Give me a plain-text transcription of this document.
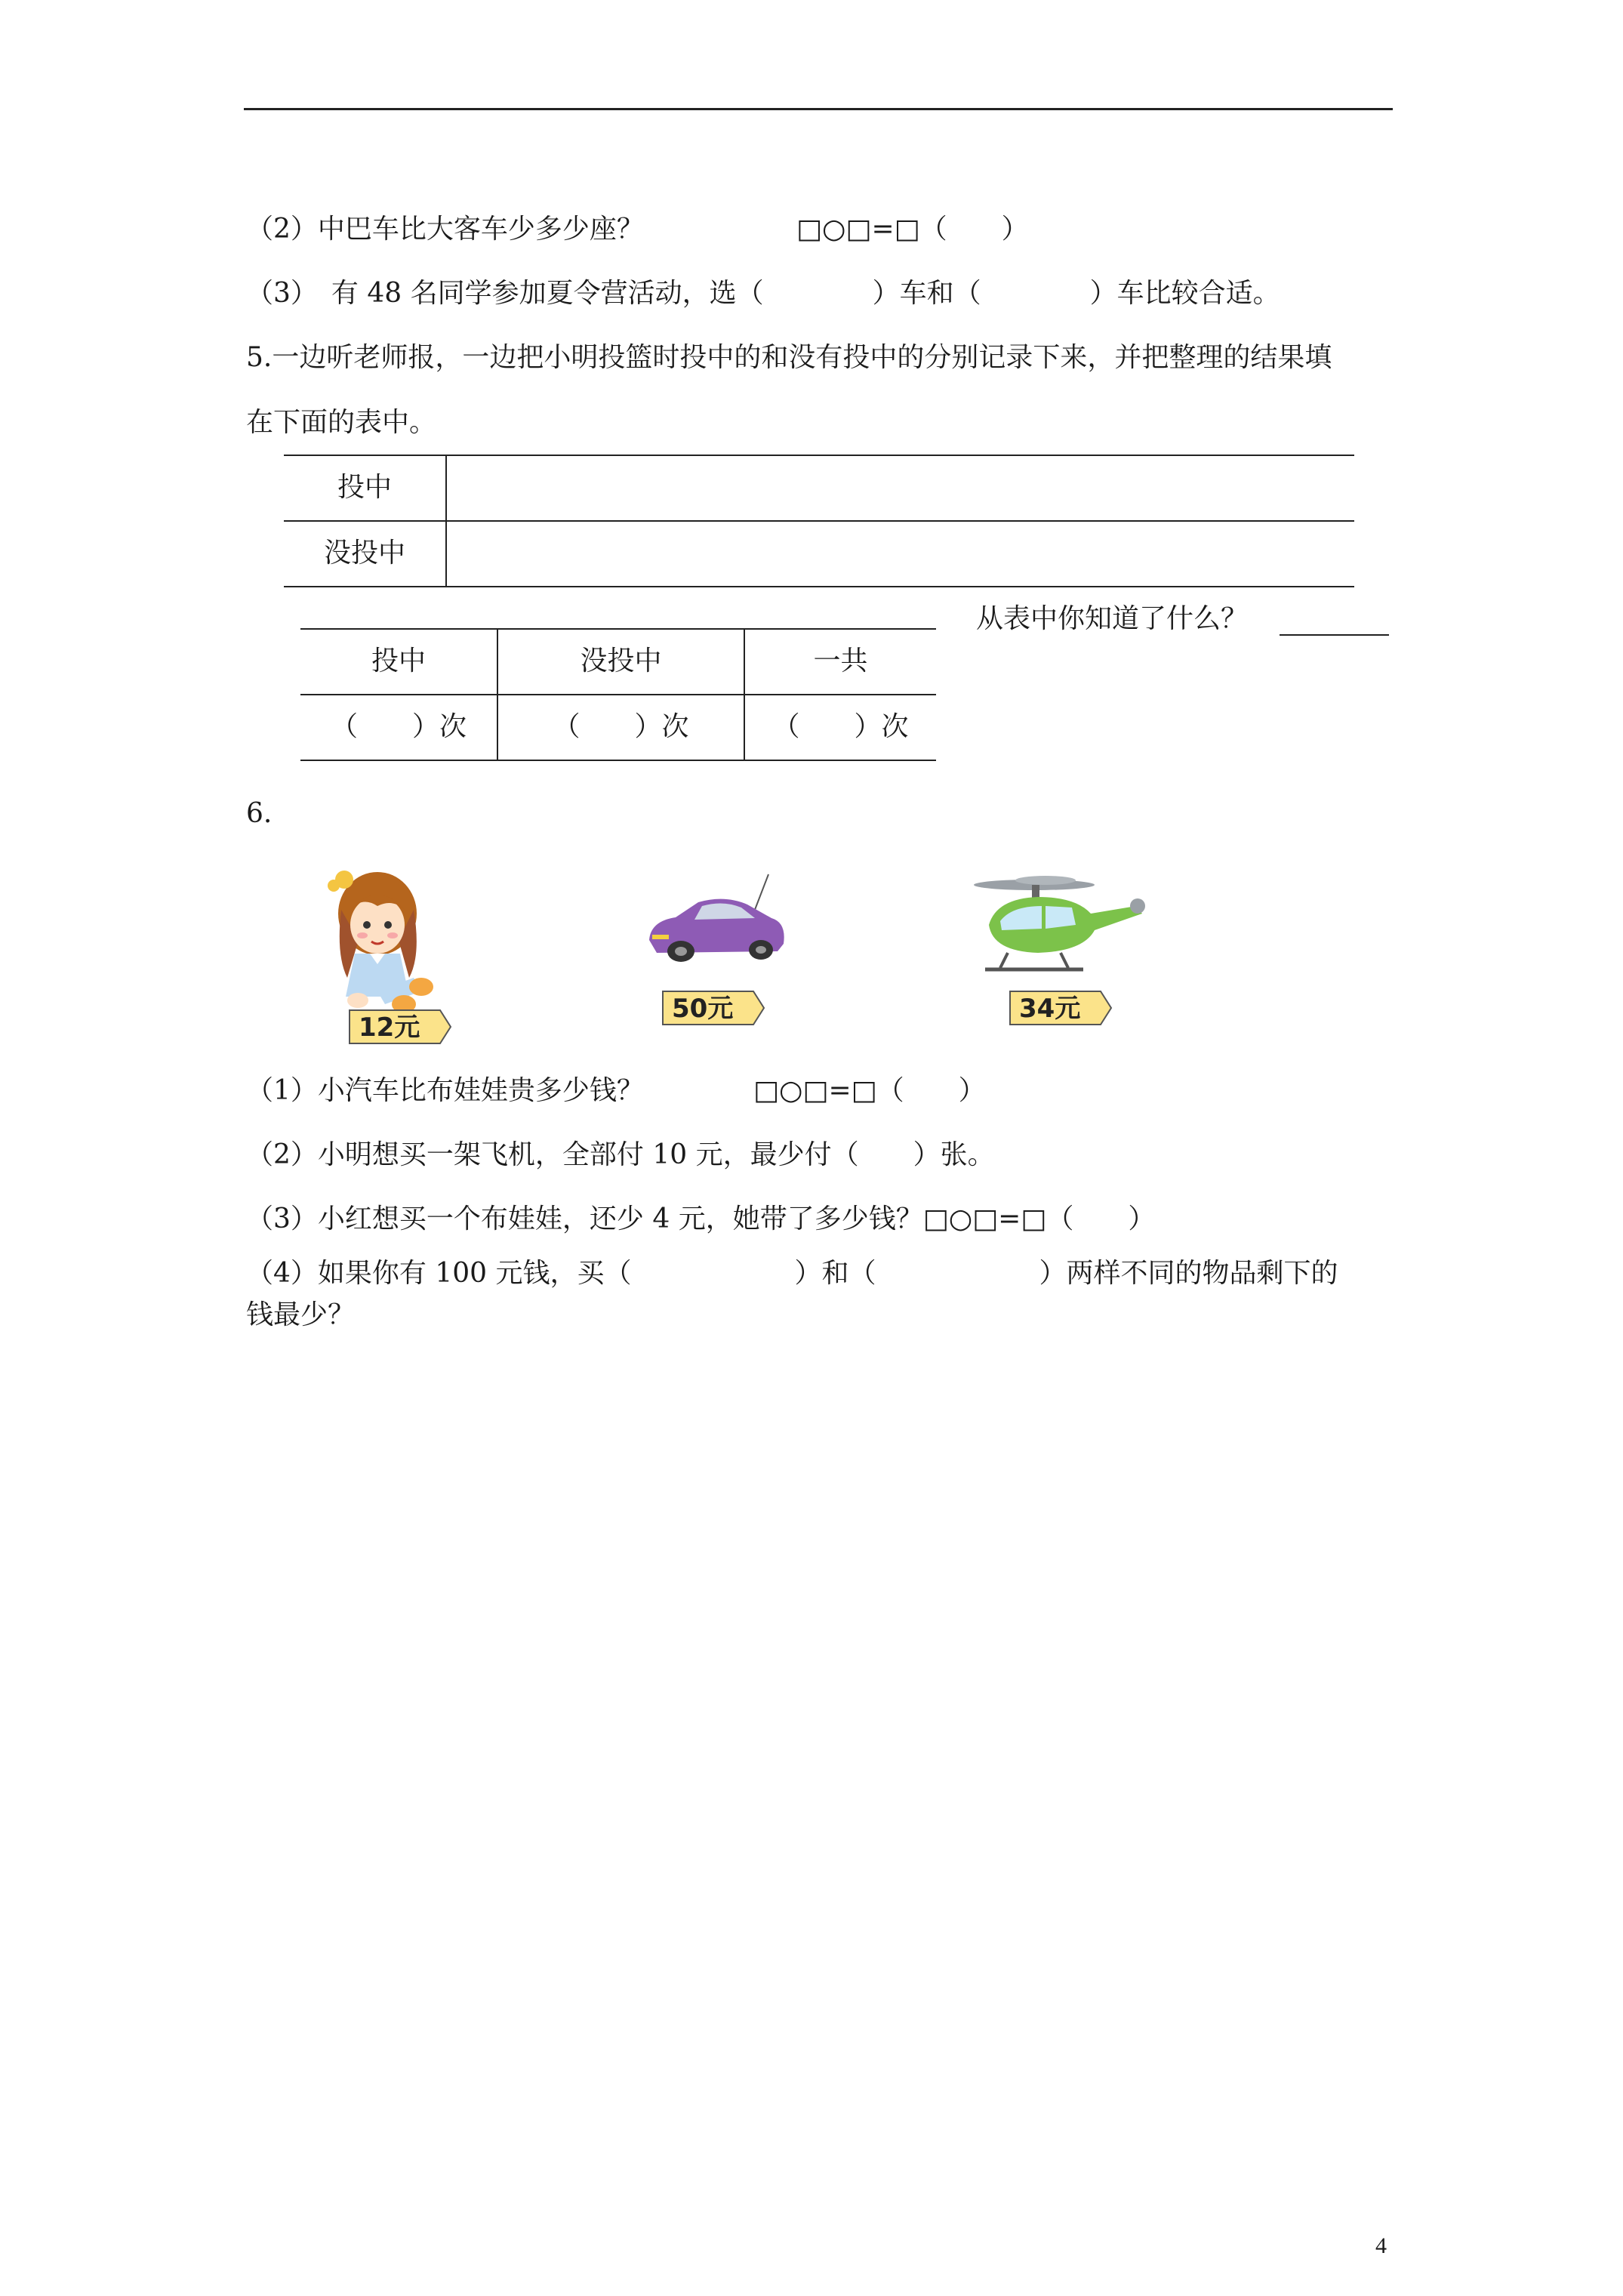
（2）中巴车比大客车少多少座？	□○□=□（　　）
（3）　有 48 名同学参加夏令营活动，选（　　　　）车和（　　　　）车比较合适。
5.一边听老师报，一边把小明投篮时投中的和没有投中的分别记录下来，并把整理的结果填
在下面的表中。
投中
没投中
从表中你知道了什么？
投中	没投中	一共
（　　）次	（　　）次	（　　）次
6.
12元
50元	34元
（1）小汽车比布娃娃贵多少钱？	□○□=□（　　）
（2）小明想买一架飞机，全部付 10 元，最少付（　　）张。
（3）小红想买一个布娃娃，还少 4 元，她带了多少钱？□○□=□（　　）
（4）如果你有 100 元钱，买（　　　　　　）和（　　　　　　）两样不同的物品剩下的
钱最少？
4
